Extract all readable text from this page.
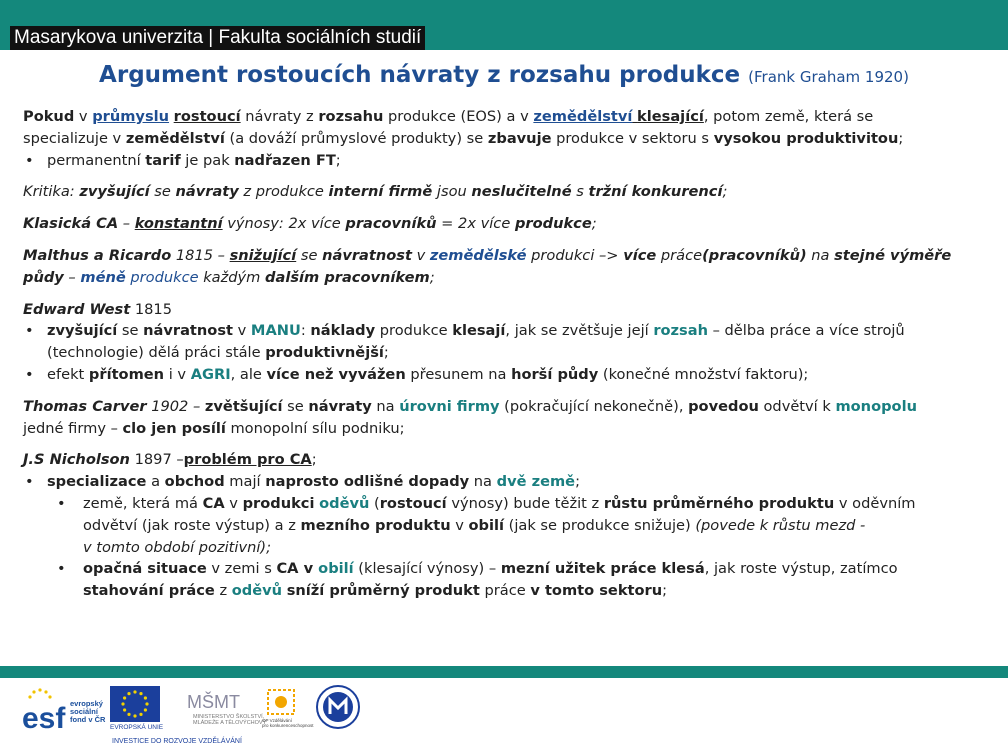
Masarykova univerzita | Fakulta sociálních studií
Argument rostoucích návraty z rozsahu produkce (Frank Graham 1920)
Pokud v průmyslu rostoucí návraty z rozsahu produkce (EOS) a v zemědělství klesající, potom země, která se
specializuje v zemědělství (a dováží průmyslové produkty) se zbavuje produkce v sektoru s vysokou produktivitou;
• permanentní tarif je pak nadřazen FT;
Kritika: zvyšující se návraty z produkce interní firmě jsou neslučitelné s tržní konkurencí;
Klasická CA – konstantní výnosy: 2x více pracovníků = 2x více produkce;
Malthus a Ricardo 1815 – snižující se návratnost v zemědělské produkci –> více práce(pracovníků) na stejné výměře
půdy – méně produkce každým dalším pracovníkem;
Edward West 1815
• zvyšující se návratnost v MANU: náklady produkce klesají, jak se zvětšuje její rozsah – dělba práce a více strojů
(technologie) dělá práci stále produktivnější;
• efekt přítomen i v AGRI, ale více než vyvážen přesunem na horší půdy (konečné množství faktoru);
Thomas Carver 1902 – zvětšující se návraty na úrovni firmy (pokračující nekonečně), povedou odvětví k monopolu
jedné firmy – clo jen posílí monopolní sílu podniku;
J.S Nicholson 1897 –problém pro CA;
• specializace a obchod mají naprosto odlišné dopady na dvě země;
• země, která má CA v produkci oděvů (rostoucí výnosy) bude těžit z růstu průměrného produktu v oděvním
odvětví (jak roste výstup) a z mezního produktu v obilí (jak se produkce snižuje) (povede k růstu mezd -
v tomto období pozitivní);
• opačná situace v zemi s CA v obilí (klesající výnosy) – mezní užitek práce klesá, jak roste výstup, zatímco
stahování práce z oděvů sníží průměrný produkt práce v tomto sektoru;
esf evropský
sociální
fond v ČR
EVROPSKÁ UNIE
MŠMT
MINISTERSTVO ŠKOLSTVÍ,
MLÁDEŽE A TĚLOVÝCHOVY
OP Vzdělávání
pro konkurenceschopnost
INVESTICE DO ROZVOJE VZDĚLÁVÁNÍ
